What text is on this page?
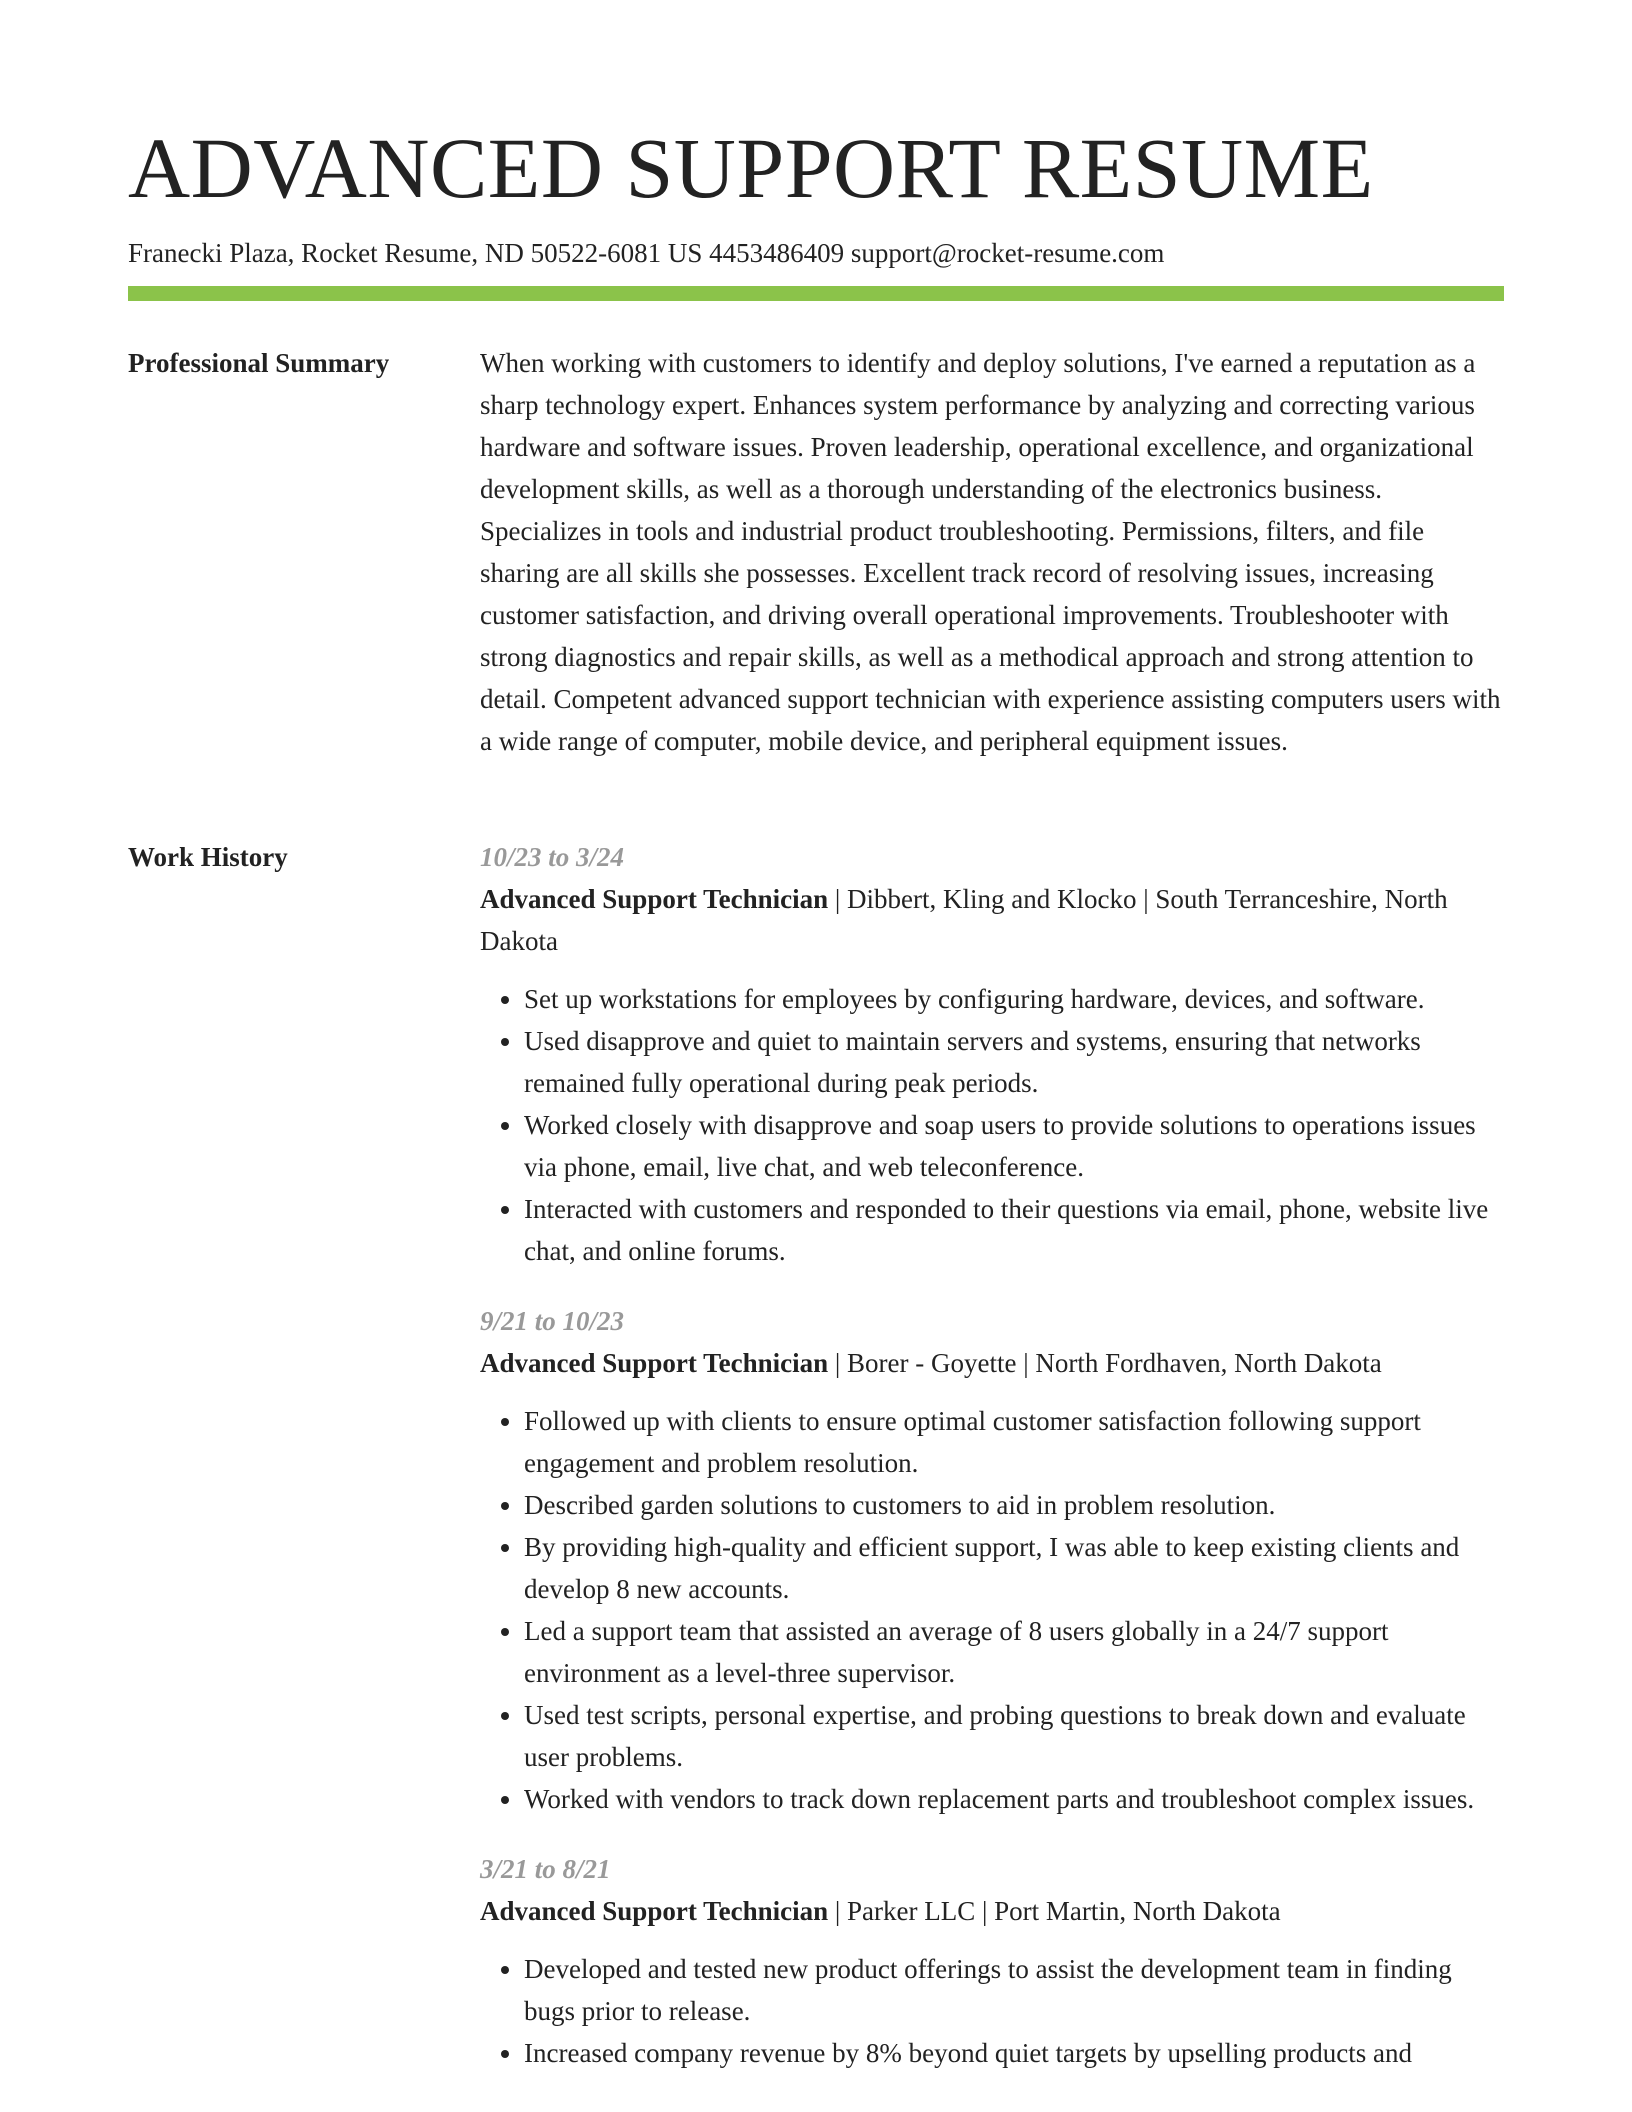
ADVANCED SUPPORT RESUME
Franecki Plaza, Rocket Resume, ND 50522-6081 US 4453486409 support@rocket-resume.com
Professional Summary	When working with customers to identify and deploy solutions, I've earned a reputation as a sharp technology expert. Enhances system performance by analyzing and correcting various hardware and software issues. Proven leadership, operational excellence, and organizational development skills, as well as a thorough understanding of the electronics business. Specializes in tools and industrial product troubleshooting. Permissions, filters, and file sharing are all skills she possesses. Excellent track record of resolving issues, increasing customer satisfaction, and driving overall operational improvements. Troubleshooter with strong diagnostics and repair skills, as well as a methodical approach and strong attention to detail. Competent advanced support technician with experience assisting computers users with a wide range of computer, mobile device, and peripheral equipment issues.

Work History	10/23 to 3/24

Advanced Support Technician | Dibbert, Kling and Klocko | South Terranceshire, North Dakota

• Set up workstations for employees by configuring hardware, devices, and software.
• Used disapprove and quiet to maintain servers and systems, ensuring that networks remained fully operational during peak periods.
• Worked closely with disapprove and soap users to provide solutions to operations issues via phone, email, live chat, and web teleconference.
• Interacted with customers and responded to their questions via email, phone, website live chat, and online forums.
9/21 to 10/23

Advanced Support Technician | Borer - Goyette | North Fordhaven, North Dakota

• Followed up with clients to ensure optimal customer satisfaction following support engagement and problem resolution.
• Described garden solutions to customers to aid in problem resolution.
• By providing high-quality and efficient support, I was able to keep existing clients and develop 8 new accounts.
• Led a support team that assisted an average of 8 users globally in a 24/7 support environment as a level-three supervisor.
• Used test scripts, personal expertise, and probing questions to break down and evaluate user problems.
• Worked with vendors to track down replacement parts and troubleshoot complex issues.
3/21 to 8/21

Advanced Support Technician | Parker LLC | Port Martin, North Dakota

• Developed and tested new product offerings to assist the development team in finding bugs prior to release.
• Increased company revenue by 8% beyond quiet targets by upselling products and
